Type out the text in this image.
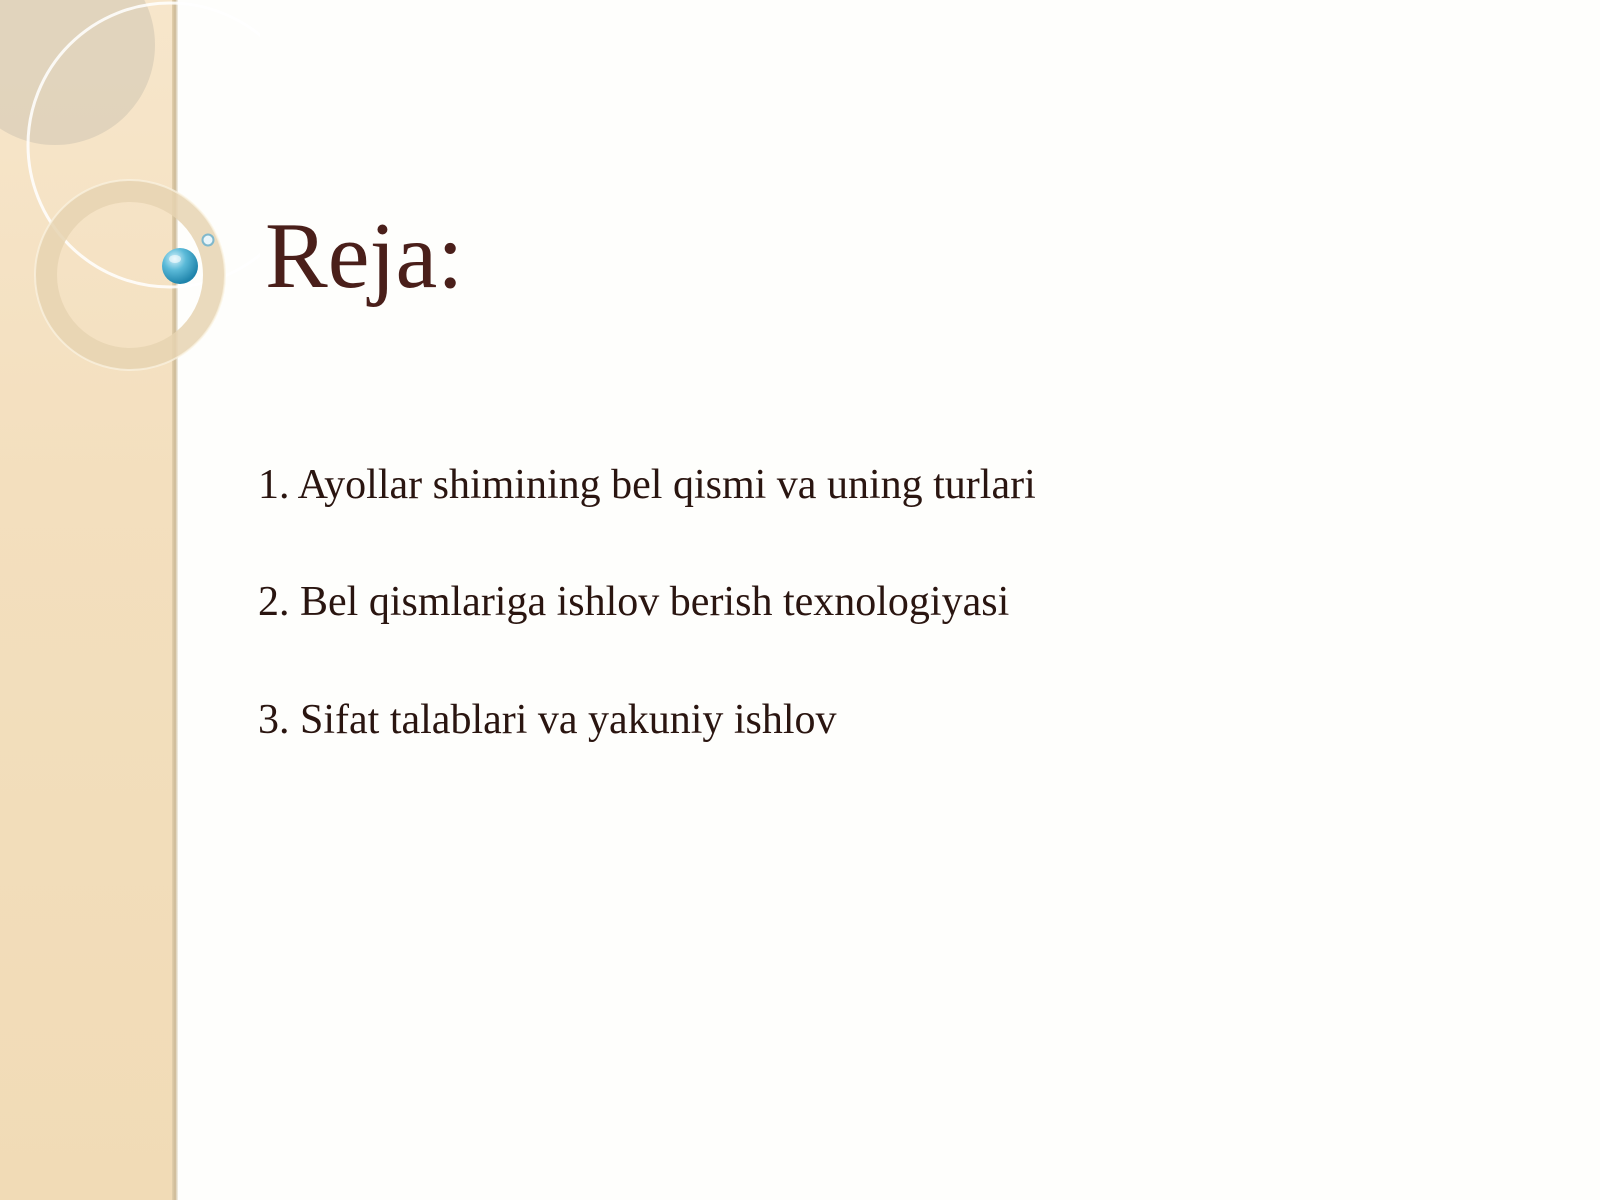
Reja:
1. Ayollar shimining bel qismi va uning turlari
2. Bel qismlariga ishlov berish texnologiyasi
3. Sifat talablari va yakuniy ishlov
